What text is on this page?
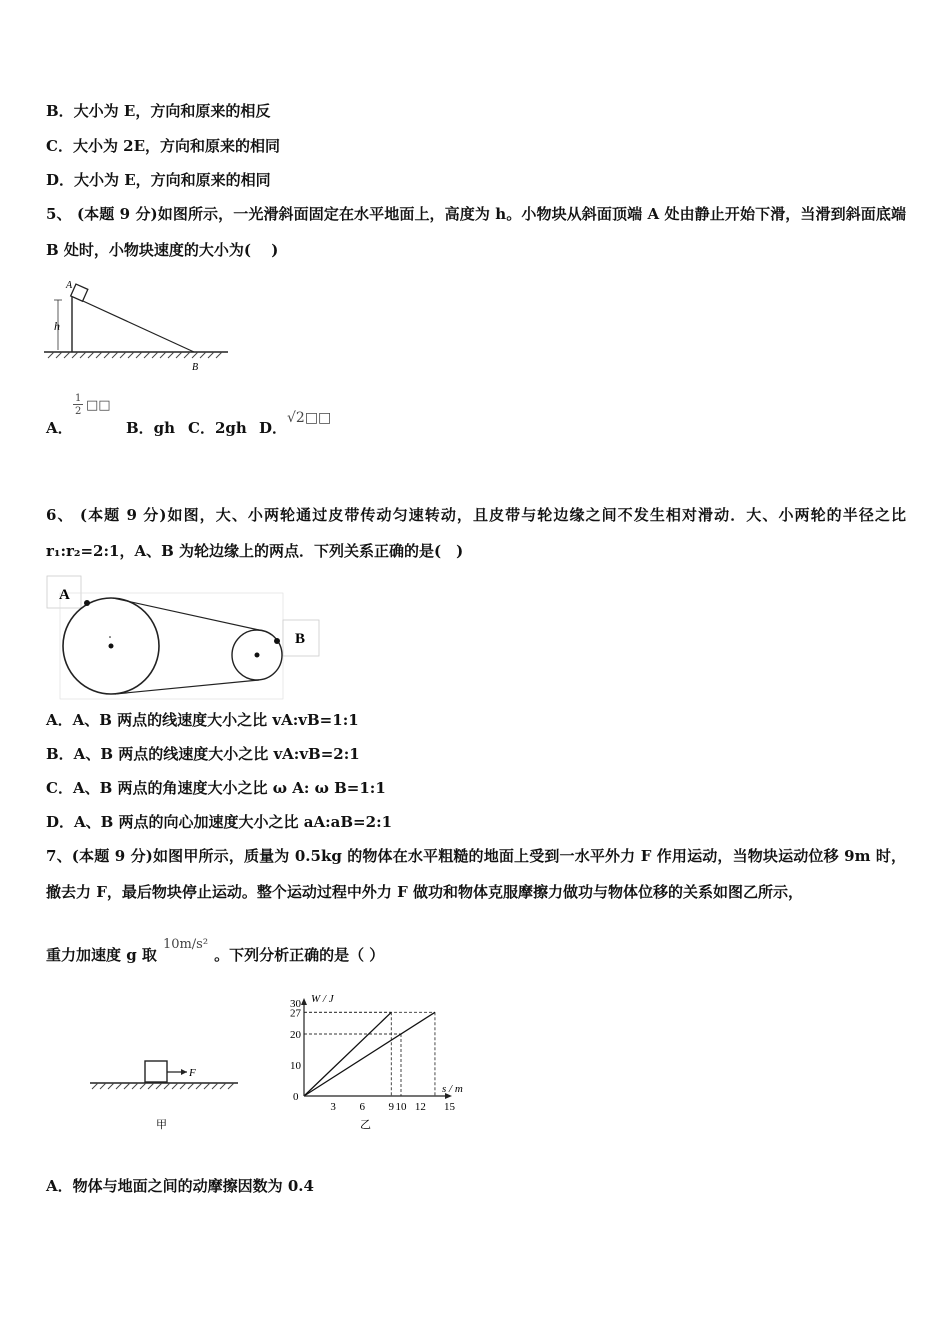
B．大小为 E，方向和原来的相反
C．大小为 2E，方向和原来的相同
D．大小为 E，方向和原来的相同
5、 (本题 9 分)如图所示，一光滑斜面固定在水平地面上，高度为 h。小物块从斜面顶端 A 处由静止开始下滑，当滑到斜面底端 B 处时，小物块速度的大小为(　 )
A
h
B
A．
1
2 □□
B．gh C．2gh D．
√2□□
6、 (本题 9 分)如图，大、小两轮通过皮带传动匀速转动，且皮带与轮边缘之间不发生相对滑动．大、小两轮的半径之比 r₁:r₂=2:1，A、B 为轮边缘上的两点．下列关系正确的是(　)
A
B
A．A、B 两点的线速度大小之比 vA:vB=1:1
B．A、B 两点的线速度大小之比 vA:vB=2:1
C．A、B 两点的角速度大小之比 ω A: ω B=1:1
D．A、B 两点的向心加速度大小之比 aA:aB=2:1
7、(本题 9 分)如图甲所示，质量为 0.5kg 的物体在水平粗糙的地面上受到一水平外力 F 作用运动，当物块运动位移 9m 时，撤去力 F，最后物块停止运动。整个运动过程中外力 F 做功和物体克服摩擦力做功与物体位移的关系如图乙所示，
重力加速度 g 取10m/s²。下列分析正确的是（ ）
F
甲
W / J
s / m
0
3 6 9 10 12 15
10
20
27
30
乙
A．物体与地面之间的动摩擦因数为 0.4
